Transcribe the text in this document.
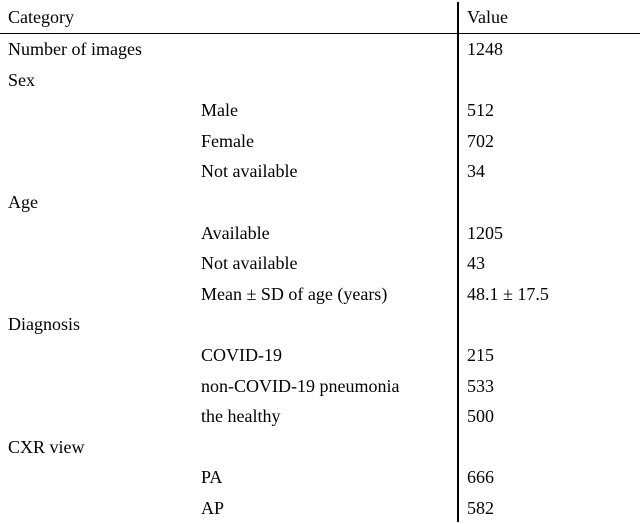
Category	Value
Number of images	1248
Sex
Male	512
Female	702
Not available	34
Age
Available	1205
Not available	43
Mean ± SD of age (years)	48.1 ± 17.5
Diagnosis
COVID-19	215
non-COVID-19 pneumonia	533
the healthy	500
CXR view
PA	666
AP	582
